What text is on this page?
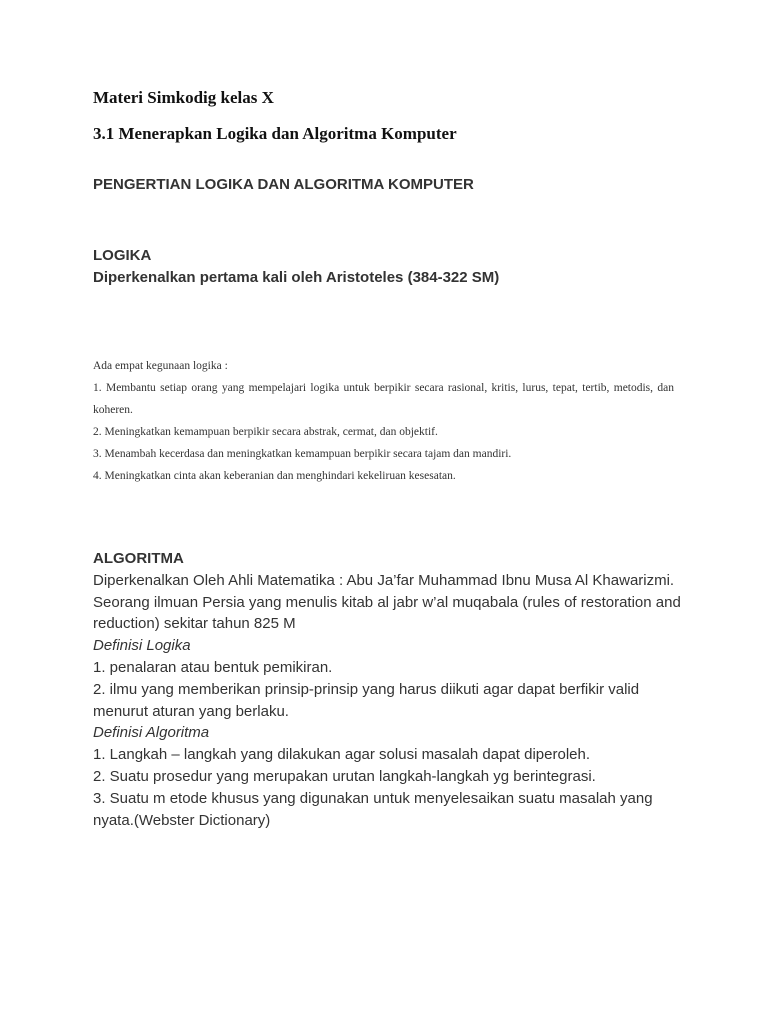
Materi Simkodig kelas X
3.1 Menerapkan Logika dan Algoritma Komputer
PENGERTIAN LOGIKA DAN ALGORITMA KOMPUTER
LOGIKA
Diperkenalkan pertama kali oleh Aristoteles (384-322 SM)

Ada empat kegunaan logika :

1. Membantu setiap orang yang mempelajari logika untuk berpikir secara rasional, kritis, lurus, tepat, tertib, metodis, dan koheren.

2. Meningkatkan kemampuan berpikir secara abstrak, cermat, dan objektif.

3. Menambah kecerdasa dan meningkatkan kemampuan berpikir secara tajam dan mandiri.

4. Meningkatkan cinta akan keberanian dan menghindari kekeliruan kesesatan.

ALGORITMA

Diperkenalkan Oleh Ahli Matematika : Abu Ja’far Muhammad Ibnu Musa Al Khawarizmi. Seorang ilmuan Persia yang menulis kitab al jabr w’al muqabala (rules of restoration and reduction) sekitar tahun 825 M

Definisi Logika

1. penalaran atau bentuk pemikiran.

2. ilmu yang memberikan prinsip-prinsip yang harus diikuti agar dapat berfikir valid menurut aturan yang berlaku.

Definisi Algoritma

1. Langkah – langkah yang dilakukan agar solusi masalah dapat diperoleh.

2. Suatu prosedur yang merupakan urutan langkah-langkah yg berintegrasi.

3. Suatu m etode khusus yang digunakan untuk menyelesaikan suatu masalah yang nyata.(Webster Dictionary)
